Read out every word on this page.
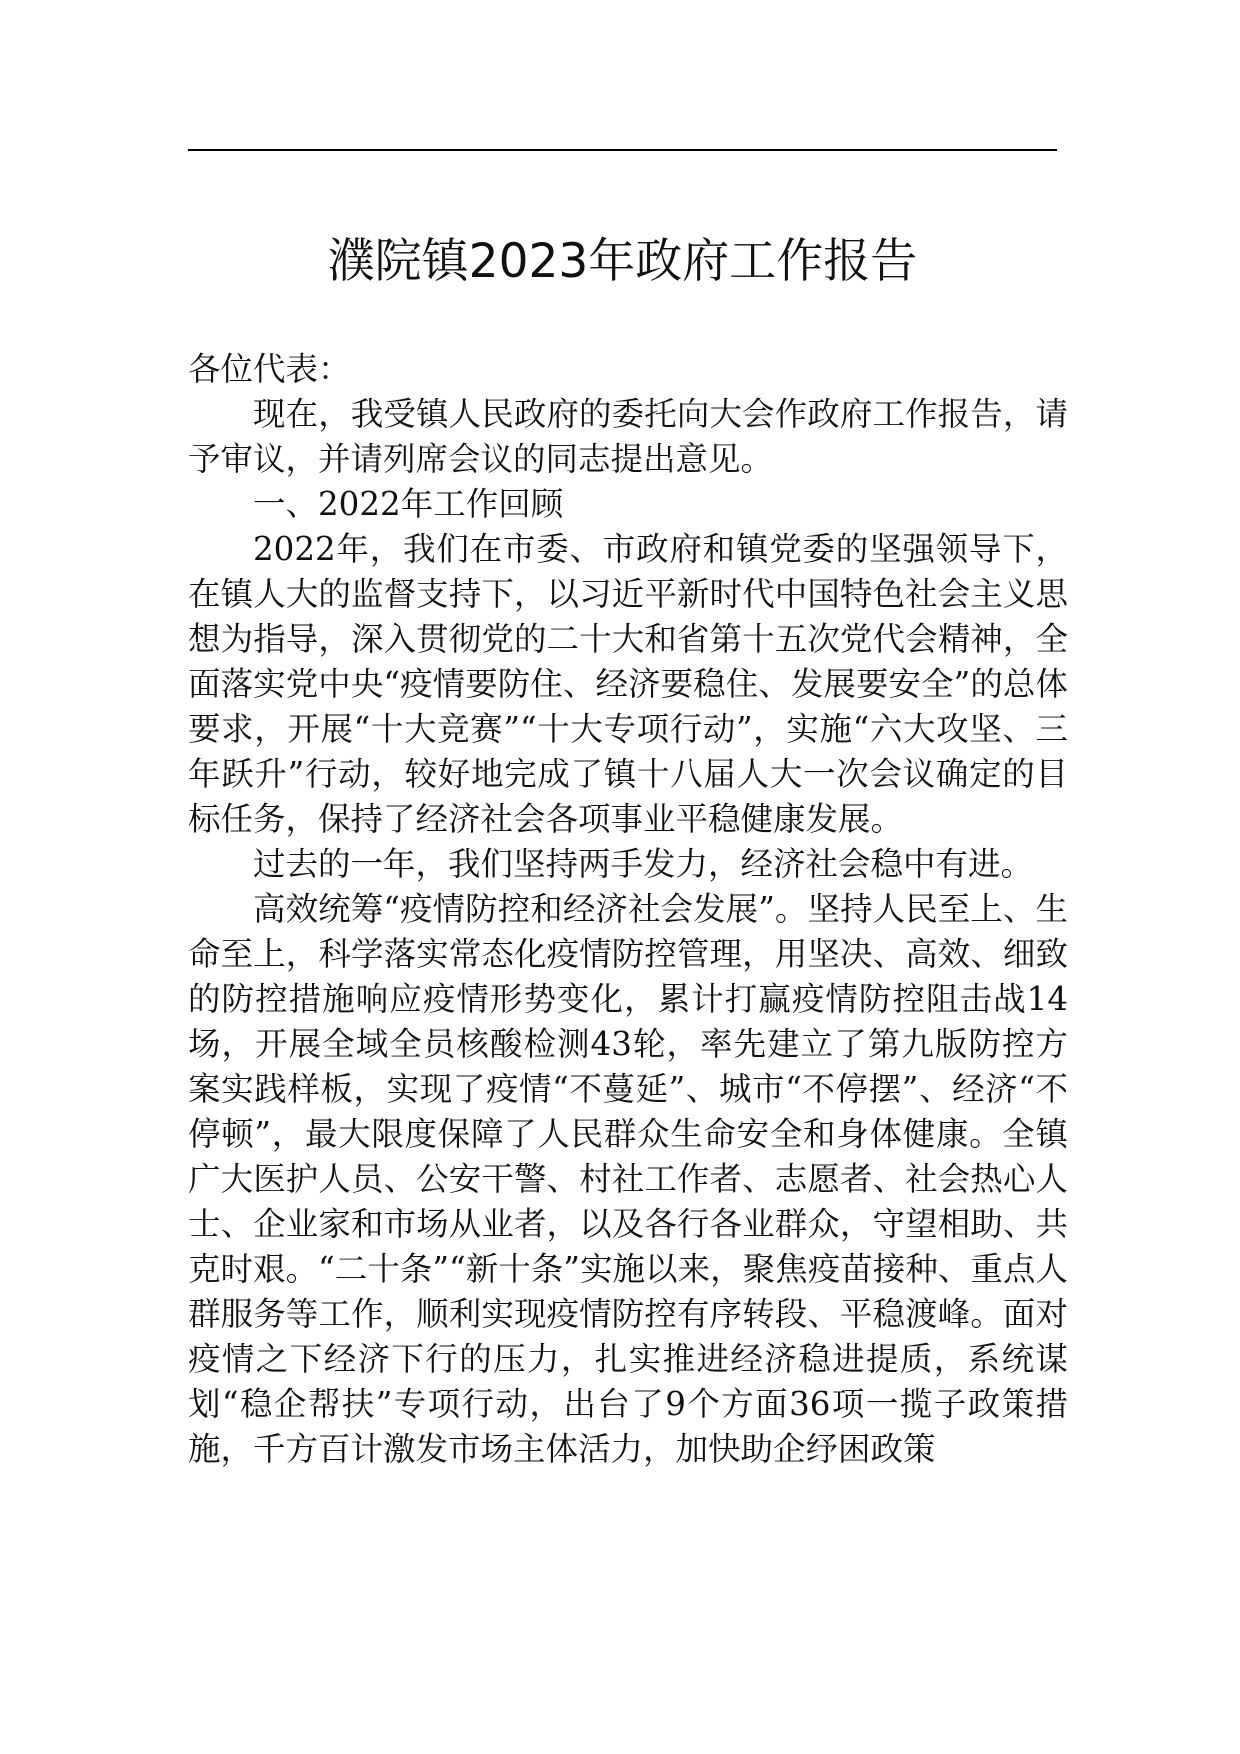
濮院镇2023年政府工作报告

各位代表：

现在，我受镇人民政府的委托向大会作政府工作报告，请予审议，并请列席会议的同志提出意见。

一、2022年工作回顾

2022年，我们在市委、市政府和镇党委的坚强领导下，在镇人大的监督支持下，以习近平新时代中国特色社会主义思想为指导，深入贯彻党的二十大和省第十五次党代会精神，全面落实党中央“疫情要防住、经济要稳住、发展要安全”的总体要求，开展“十大竞赛”“十大专项行动”，实施“六大攻坚、三年跃升”行动，较好地完成了镇十八届人大一次会议确定的目标任务，保持了经济社会各项事业平稳健康发展。

过去的一年，我们坚持两手发力，经济社会稳中有进。

高效统筹“疫情防控和经济社会发展”。坚持人民至上、生命至上，科学落实常态化疫情防控管理，用坚决、高效、细致的防控措施响应疫情形势变化，累计打赢疫情防控阻击战14场，开展全域全员核酸检测43轮，率先建立了第九版防控方案实践样板，实现了疫情“不蔓延”、城市“不停摆”、经济“不停顿”，最大限度保障了人民群众生命安全和身体健康。全镇广大医护人员、公安干警、村社工作者、志愿者、社会热心人士、企业家和市场从业者，以及各行各业群众，守望相助、共克时艰。“二十条”“新十条”实施以来，聚焦疫苗接种、重点人群服务等工作，顺利实现疫情防控有序转段、平稳渡峰。面对疫情之下经济下行的压力，扎实推进经济稳进提质，系统谋划“稳企帮扶”专项行动，出台了9个方面36项一揽子政策措施，千方百计激发市场主体活力，加快助企纾困政策
